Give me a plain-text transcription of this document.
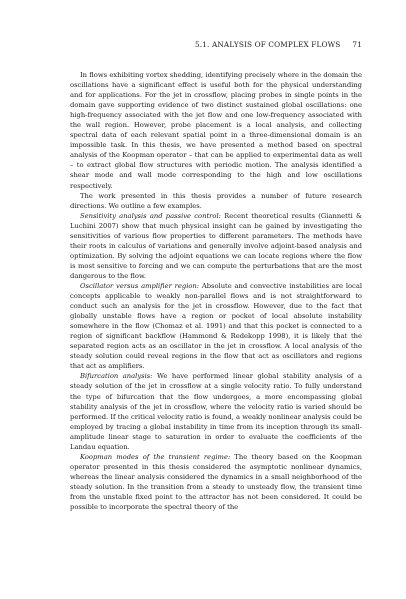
5.1. ANALYSIS OF COMPLEX FLOWS 71

In flows exhibiting vortex shedding, identifying precisely where in the domain the oscillations have a significant effect is useful both for the physical understanding and for applications. For the jet in crossflow, placing probes in single points in the domain gave supporting evidence of two distinct sustained global oscillations: one high-frequency associated with the jet flow and one low-frequency associated with the wall region. However, probe placement is a local analysis, and collecting spectral data of each relevant spatial point in a three-dimensional domain is an impossible task. In this thesis, we have presented a method based on spectral analysis of the Koopman operator – that can be applied to experimental data as well – to extract global flow structures with periodic motion. The analysis identified a shear mode and wall mode corresponding to the high and low oscillations respectively.

The work presented in this thesis provides a number of future research directions. We outline a few examples.

Sensitivity analysis and passive control: Recent theoretical results (Giannetti & Luchini 2007) show that much physical insight can be gained by investigating the sensitivities of various flow properties to different parameters. The methods have their roots in calculus of variations and generally involve adjoint-based analysis and optimization. By solving the adjoint equations we can locate regions where the flow is most sensitive to forcing and we can compute the perturbations that are the most dangerous to the flow.

Oscillator versus amplifier region: Absolute and convective instabilities are local concepts applicable to weakly non-parallel flows and is not straightforward to conduct such an analysis for the jet in crossflow. However, due to the fact that globally unstable flows have a region or pocket of local absolute instability somewhere in the flow (Chomaz et al. 1991) and that this pocket is connected to a region of significant backflow (Hammond & Redekopp 1998), it is likely that the separated region acts as an oscillator in the jet in crossflow. A local analysis of the steady solution could reveal regions in the flow that act as oscillators and regions that act as amplifiers.

Bifurcation analysis: We have performed linear global stability analysis of a steady solution of the jet in crossflow at a single velocity ratio. To fully understand the type of bifurcation that the flow undergoes, a more encompassing global stability analysis of the jet in crossflow, where the velocity ratio is varied should be performed. If the critical velocity ratio is found, a weakly nonlinear analysis could be employed by tracing a global instability in time from its inception through its small-amplitude linear stage to saturation in order to evaluate the coefficients of the Landau equation.

Koopman modes of the transient regime: The theory based on the Koopman operator presented in this thesis considered the asymptotic nonlinear dynamics, whereas the linear analysis considered the dynamics in a small neighborhood of the steady solution. In the transition from a steady to unsteady flow, the transient time from the unstable fixed point to the attractor has not been considered. It could be possible to incorporate the spectral theory of the
